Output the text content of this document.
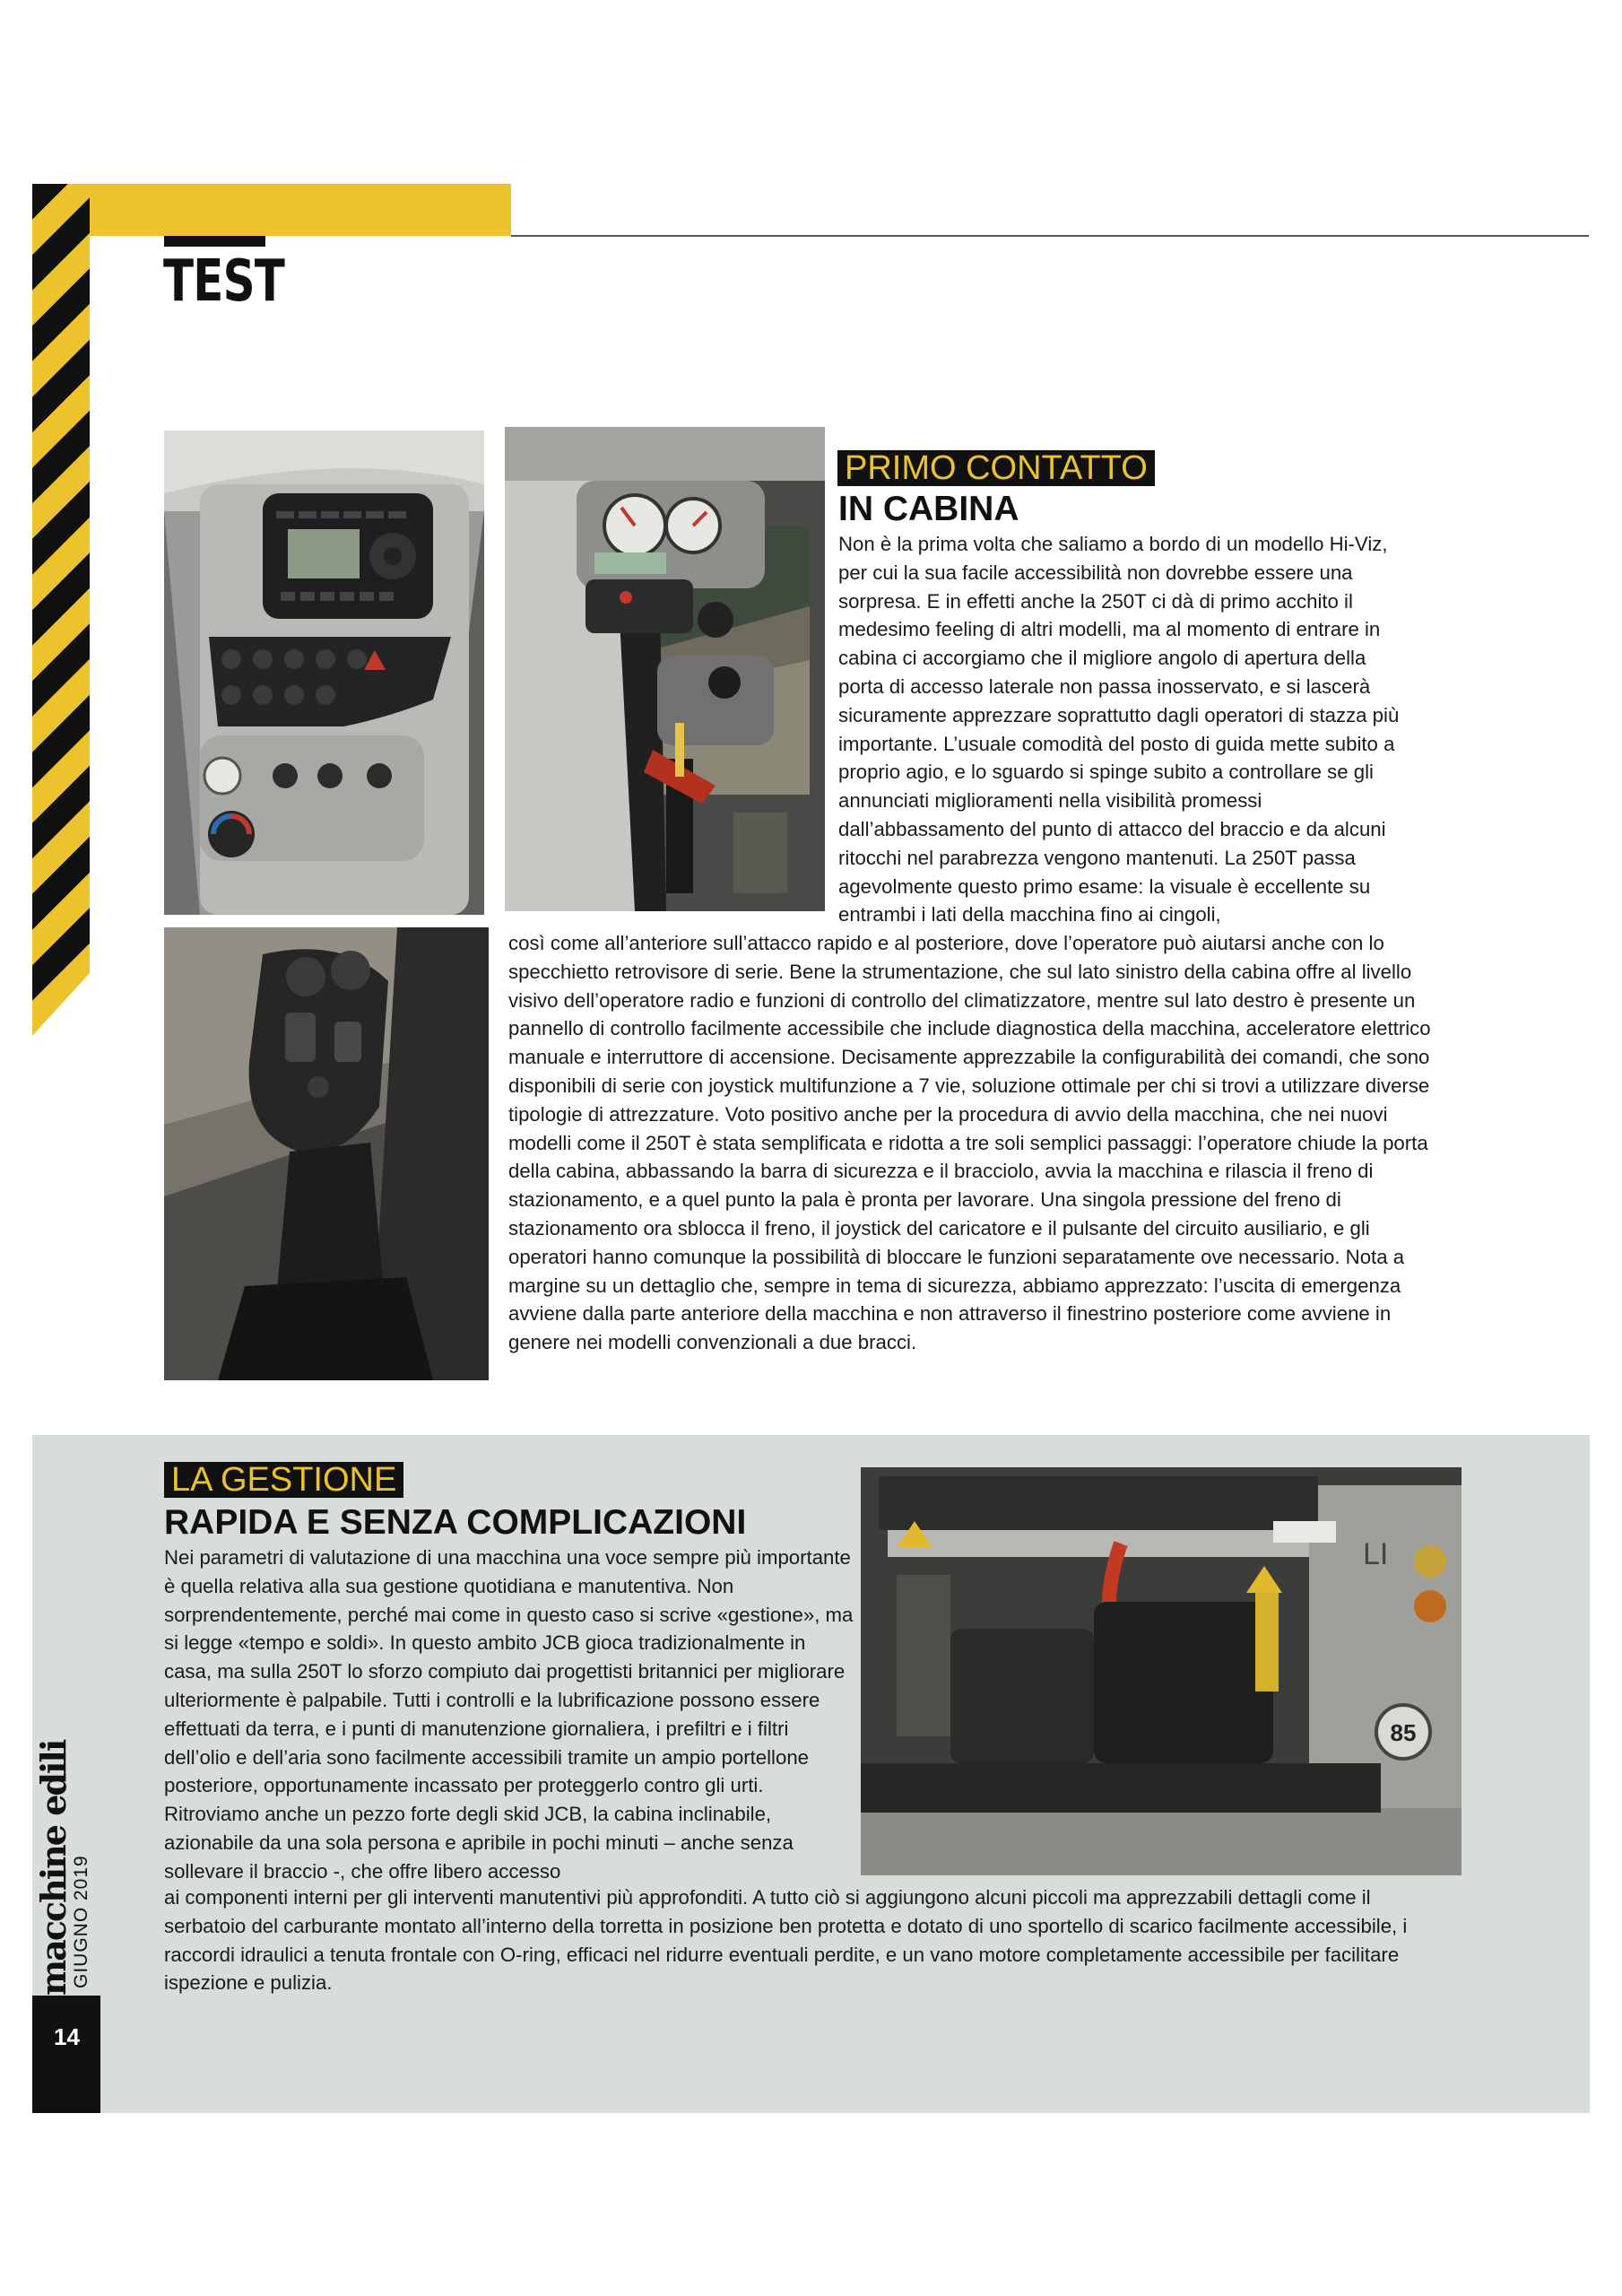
TEST
PRIMO CONTATTO
IN CABINA

Non è la prima volta che saliamo a bordo di un modello Hi-Viz, per cui la sua facile accessibilità non dovrebbe essere una sorpresa. E in effetti anche la 250T ci dà di primo acchito il medesimo feeling di altri modelli, ma al momento di entrare in cabina ci accorgiamo che il migliore angolo di apertura della porta di accesso laterale non passa inosservato, e si lascerà sicuramente apprezzare soprattutto dagli operatori di stazza più importante. L’usuale comodità del posto di guida mette subito a proprio agio, e lo sguardo si spinge subito a controllare se gli annunciati miglioramenti nella visibilità promessi dall’abbassamento del punto di attacco del braccio e da alcuni ritocchi nel parabrezza vengono mantenuti. La 250T passa agevolmente questo primo esame: la visuale è eccellente su entrambi i lati della macchina fino ai cingoli,

così come all’anteriore sull’attacco rapido e al posteriore, dove l’operatore può aiutarsi anche con lo specchietto retrovisore di serie. Bene la strumentazione, che sul lato sinistro della cabina offre al livello visivo dell’operatore radio e funzioni di controllo del climatizzatore, mentre sul lato destro è presente un pannello di controllo facilmente accessibile che include diagnostica della macchina, acceleratore elettrico manuale e interruttore di accensione. Decisamente apprezzabile la configurabilità dei comandi, che sono disponibili di serie con joystick multifunzione a 7 vie, soluzione ottimale per chi si trovi a utilizzare diverse tipologie di attrezzature. Voto positivo anche per la procedura di avvio della macchina, che nei nuovi modelli come il 250T è stata semplificata e ridotta a tre soli semplici passaggi: l’operatore chiude la porta della cabina, abbassando la barra di sicurezza e il bracciolo, avvia la macchina e rilascia il freno di stazionamento, e a quel punto la pala è pronta per lavorare. Una singola pressione del freno di stazionamento ora sblocca il freno, il joystick del caricatore e il pulsante del circuito ausiliario, e gli operatori hanno comunque la possibilità di bloccare le funzioni separatamente ove necessario. Nota a margine su un dettaglio che, sempre in tema di sicurezza, abbiamo apprezzato: l’uscita di emergenza avviene dalla parte anteriore della macchina e non attraverso il finestrino posteriore come avviene in genere nei modelli convenzionali a due bracci.

85
LI
LA GESTIONE
RAPIDA E SENZA COMPLICAZIONI

Nei parametri di valutazione di una macchina una voce sempre più importante è quella relativa alla sua gestione quotidiana e manutentiva. Non sorprendentemente, perché mai come in questo caso si scrive «gestione», ma si legge «tempo e soldi». In questo ambito JCB gioca tradizionalmente in casa, ma sulla 250T lo sforzo compiuto dai progettisti britannici per migliorare ulteriormente è palpabile. Tutti i controlli e la lubrificazione possono essere effettuati da terra, e i punti di manutenzione giornaliera, i prefiltri e i filtri dell’olio e dell’aria sono facilmente accessibili tramite un ampio portellone posteriore, opportunamente incassato per proteggerlo contro gli urti. Ritroviamo anche un pezzo forte degli skid JCB, la cabina inclinabile, azionabile da una sola persona e apribile in pochi minuti – anche senza sollevare il braccio -, che offre libero accesso

ai componenti interni per gli interventi manutentivi più approfonditi. A tutto ciò si aggiungono alcuni piccoli ma apprezzabili dettagli come il serbatoio del carburante montato all’interno della torretta in posizione ben protetta e dotato di uno sportello di scarico facilmente accessibile, i raccordi idraulici a tenuta frontale con O-ring, efficaci nel ridurre eventuali perdite, e un vano motore completamente accessibile per facilitare ispezione e pulizia.

14
macchine edili
GIUGNO 2019
